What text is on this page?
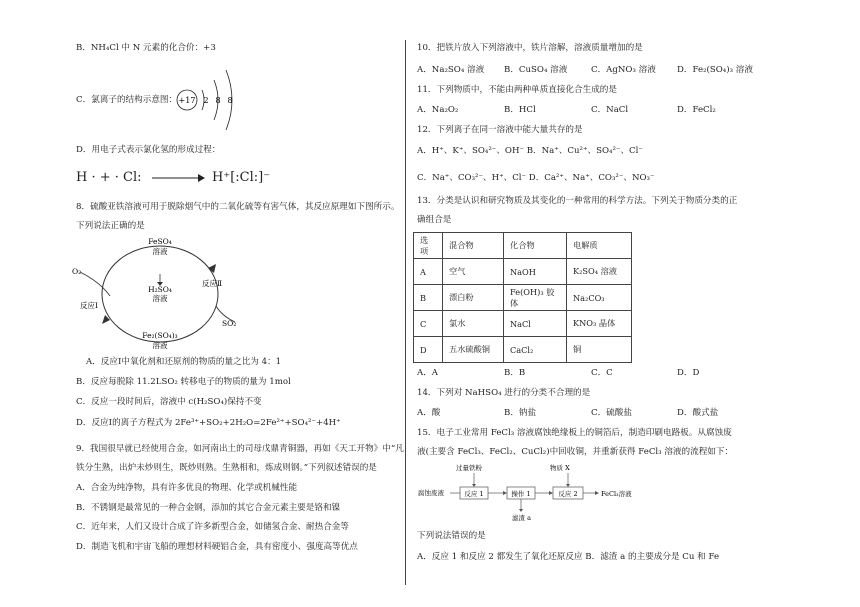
B．NH₄Cl 中 N 元素的化合价：+3
C．氯离子的结构示意图： +17 2 8 8
D．用电子式表示氯化氢的形成过程：
H · + · Cl:	H⁺[:Cl:]⁻
8．硫酸亚铁溶液可用于脱除烟气中的二氧化硫等有害气体，其反应原理如下图所示。
下列说法正确的是
FeSO₄
溶液
H₂SO₄
溶液
Fe₂(SO₄)₃
溶液
O₂
SO₂
反应Ⅰ
反应Ⅱ
A．反应Ⅰ中氧化剂和还原剂的物质的量之比为 4：1
B．反应每脱除 11.2LSO₂ 转移电子的物质的量为 1mol
C．反应一段时间后，溶液中 c(H₂SO₄)保持不变
D．反应Ⅰ的离子方程式为 2Fe³⁺+SO₂+2H₂O=2Fe²⁺+SO₄²⁻+4H⁺
9．我国很早就已经使用合金，如河南出土的司母戊鼎青铜器，再如《天工开物》中“凡
铁分生熟，出炉未炒则生，既炒则熟。生熟相和，炼成则钢。”下列叙述错误的是
A．合金为纯净物，具有许多优良的物理、化学或机械性能
B．不锈钢是最常见的一种合金钢，添加的其它合金元素主要是铬和镍
C．近年来，人们又设计合成了许多新型合金，如储氢合金、耐热合金等
D．制造飞机和宇宙飞船的理想材料硬铝合金，具有密度小、强度高等优点
10．把铁片放入下列溶液中，铁片溶解，溶液质量增加的是
A．Na₂SO₄ 溶液 B．CuSO₄ 溶液	C．AgNO₃ 溶液 D．Fe₂(SO₄)₃ 溶液
11．下列物质中，不能由两种单质直接化合生成的是
A．Na₂O₂	B．HCl	C．NaCl	D．FeCl₂
12．下列离子在同一溶液中能大量共存的是
A．H⁺、K⁺、SO₄²⁻、OH⁻ B．Na⁺、Cu²⁺、SO₄²⁻、Cl⁻
C．Na⁺、CO₃²⁻、H⁺、Cl⁻ D．Ca²⁺、Na⁺、CO₃²⁻、NO₃⁻
13．分类是认识和研究物质及其变化的一种常用的科学方法。下列关于物质分类的正
确组合是
选项	混合物	化合物	电解质
A	空气	NaOH	K₂SO₄ 溶液
B	漂白粉	Fe(OH)₃ 胶体	Na₂CO₃
C	氯水	NaCl	KNO₃ 晶体
D	五水硫酸铜	CaCl₂	铜
A．A	B．B	C．C	D．D
14．下列对 NaHSO₄ 进行的分类不合理的是
A．酸	B．钠盐	C．硫酸盐	D．酸式盐
15．电子工业常用 FeCl₃ 溶液腐蚀绝缘板上的铜箔后，制造印刷电路板。从腐蚀废
液(主要含 FeCl₃、FeCl₂、CuCl₂)中回收铜，并重新获得 FeCl₃ 溶液的流程如下：
过量铁粉	物质 X
腐蚀废液	反应 1	操作 1	反应 2	FeCl₃溶液
滤渣 a
下列说法错误的是
A．反应 1 和反应 2 都发生了氧化还原反应 B．滤渣 a 的主要成分是 Cu 和 Fe
